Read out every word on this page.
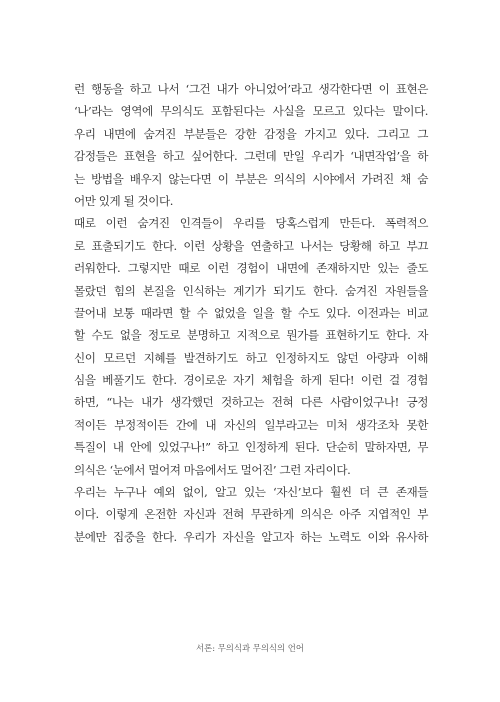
런 행동을 하고 나서 ‘그건 내가 아니었어’라고 생각한다면 이 표현은
‘나’라는 영역에 무의식도 포함된다는 사실을 모르고 있다는 말이다.
우리 내면에 숨겨진 부분들은 강한 감정을 가지고 있다. 그리고 그
감정들은 표현을 하고 싶어한다. 그런데 만일 우리가 ‘내면작업’을 하
는 방법을 배우지 않는다면 이 부분은 의식의 시야에서 가려진 채 숨
어만 있게 될 것이다.
때로 이런 숨겨진 인격들이 우리를 당혹스럽게 만든다. 폭력적으
로 표출되기도 한다. 이런 상황을 연출하고 나서는 당황해 하고 부끄
러워한다. 그렇지만 때로 이런 경험이 내면에 존재하지만 있는 줄도
몰랐던 힘의 본질을 인식하는 계기가 되기도 한다. 숨겨진 자원들을
끌어내 보통 때라면 할 수 없었을 일을 할 수도 있다. 이전과는 비교
할 수도 없을 정도로 분명하고 지적으로 뭔가를 표현하기도 한다. 자
신이 모르던 지혜를 발견하기도 하고 인정하지도 않던 아량과 이해
심을 베풀기도 한다. 경이로운 자기 체험을 하게 된다! 이런 걸 경험
하면, “나는 내가 생각했던 것하고는 전혀 다른 사람이었구나! 긍정
적이든 부정적이든 간에 내 자신의 일부라고는 미처 생각조차 못한
특질이 내 안에 있었구나!” 하고 인정하게 된다. 단순히 말하자면, 무
의식은 ‘눈에서 멀어져 마음에서도 멀어진’ 그런 자리이다.
우리는 누구나 예외 없이, 알고 있는 ‘자신’보다 훨씬 더 큰 존재들
이다. 이렇게 온전한 자신과 전혀 무관하게 의식은 아주 지엽적인 부
분에만 집중을 한다. 우리가 자신을 알고자 하는 노력도 이와 유사하
서론: 무의식과 무의식의 언어
